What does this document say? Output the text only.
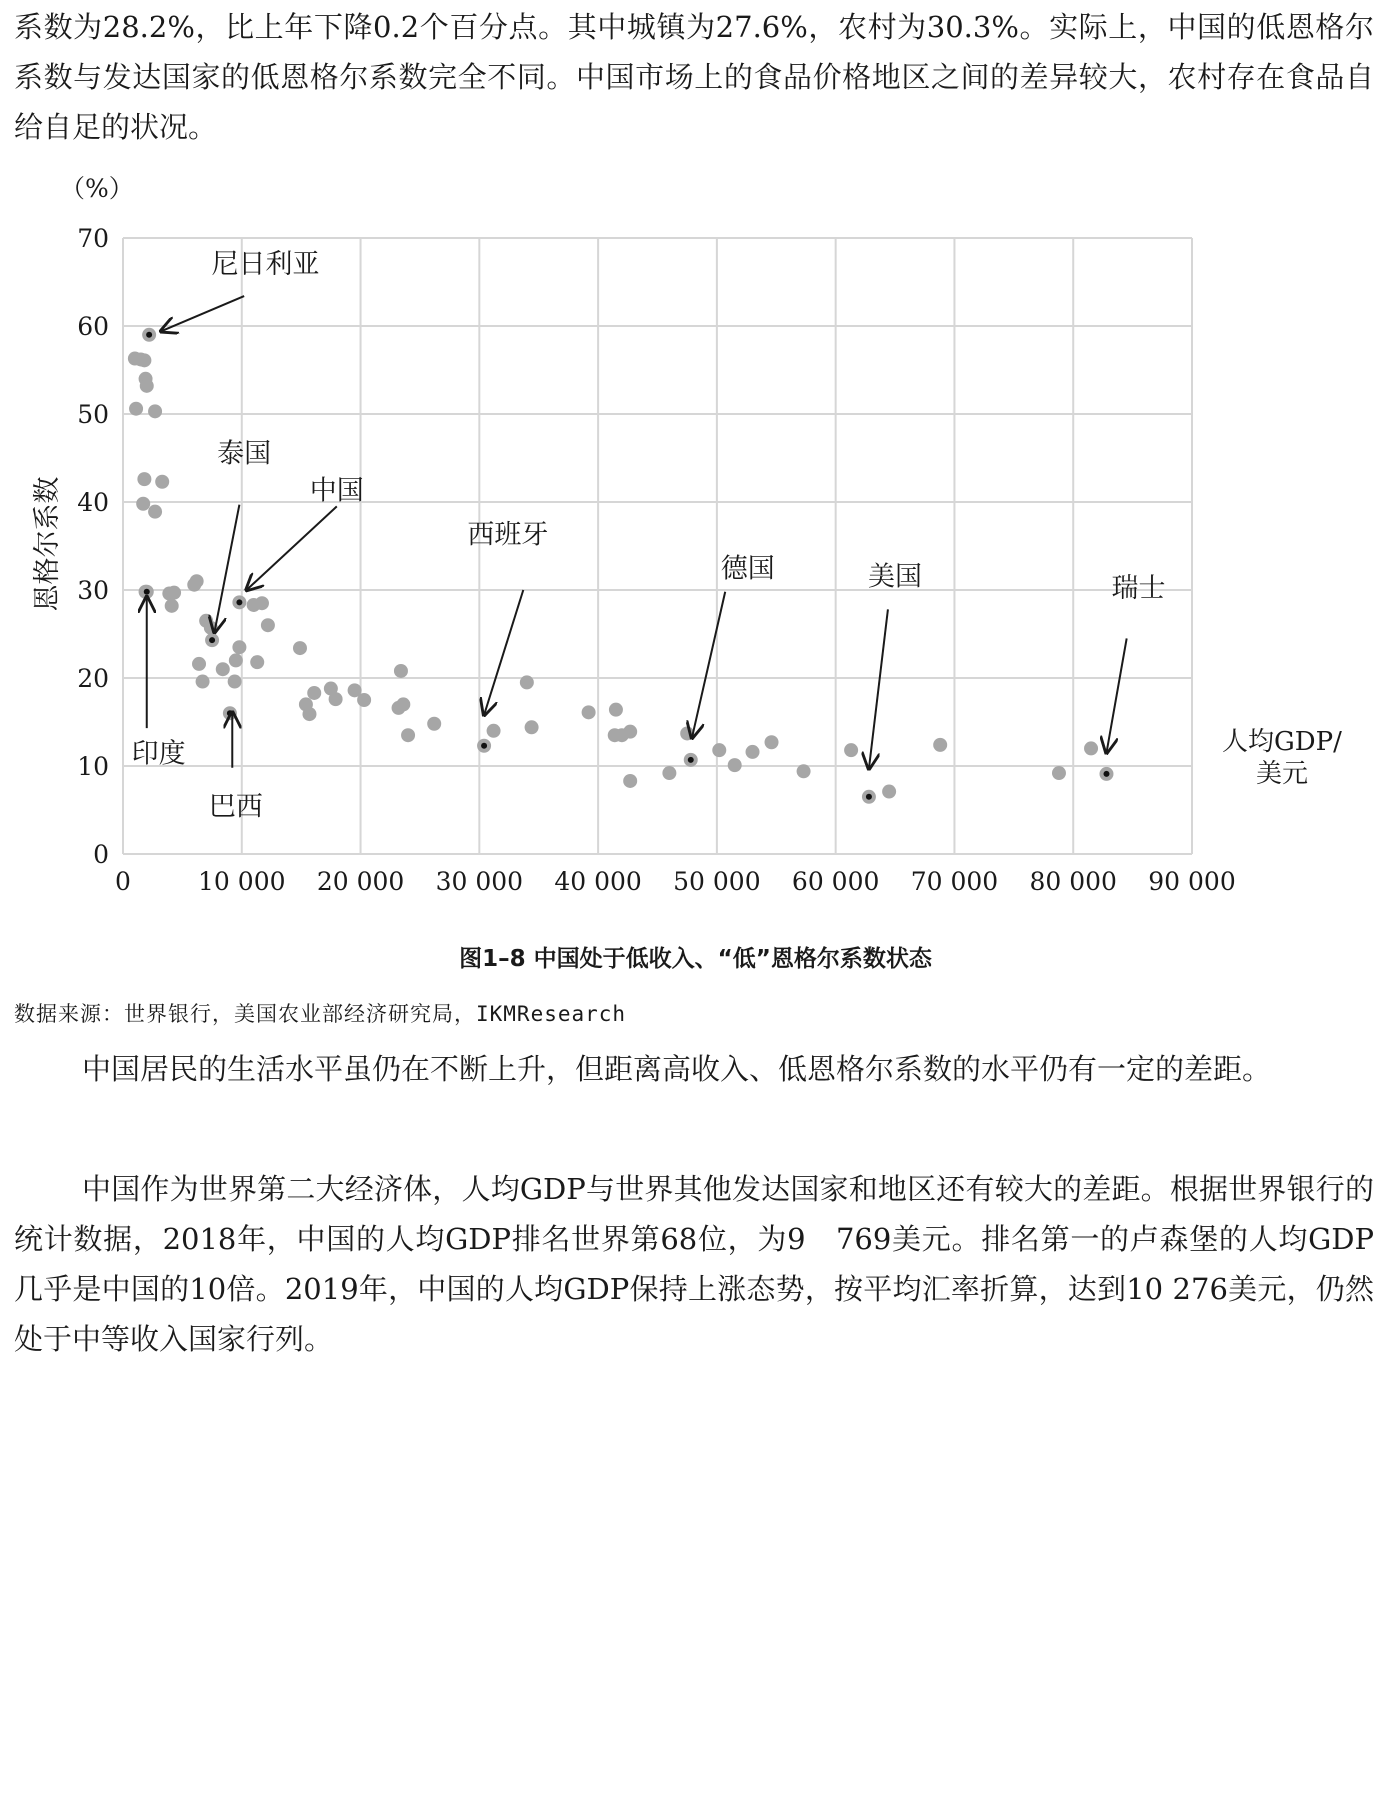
系数为28.2%，比上年下降0.2个百分点。其中城镇为27.6%，农村为30.3%。实际上，中国的低恩格尔系数与发达国家的低恩格尔系数完全不同。中国市场上的食品价格地区之间的差异较大，农村存在食品自给自足的状况。

0	10 000 20 000 30 000 40 000 50 000 60 000 70 000 80 000 90 000
0
10
20
30
40
50
60
70
（%）
恩格尔系数
人均GDP/
美元
尼日利亚
泰国
中国
西班牙
德国	美国	瑞士
印度
巴西
图1–8 中国处于低收入、“低”恩格尔系数状态
数据来源：世界银行，美国农业部经济研究局，IKMResearch

中国居民的生活水平虽仍在不断上升，但距离高收入、低恩格尔系数的水平仍有一定的差距。

中国作为世界第二大经济体，人均GDP与世界其他发达国家和地区还有较大的差距。根据世界银行的统计数据，2018年，中国的人均GDP排名世界第68位，为9　769美元。排名第一的卢森堡的人均GDP几乎是中国的10倍。2019年，中国的人均GDP保持上涨态势，按平均汇率折算，达到10 276美元，仍然处于中等收入国家行列。
